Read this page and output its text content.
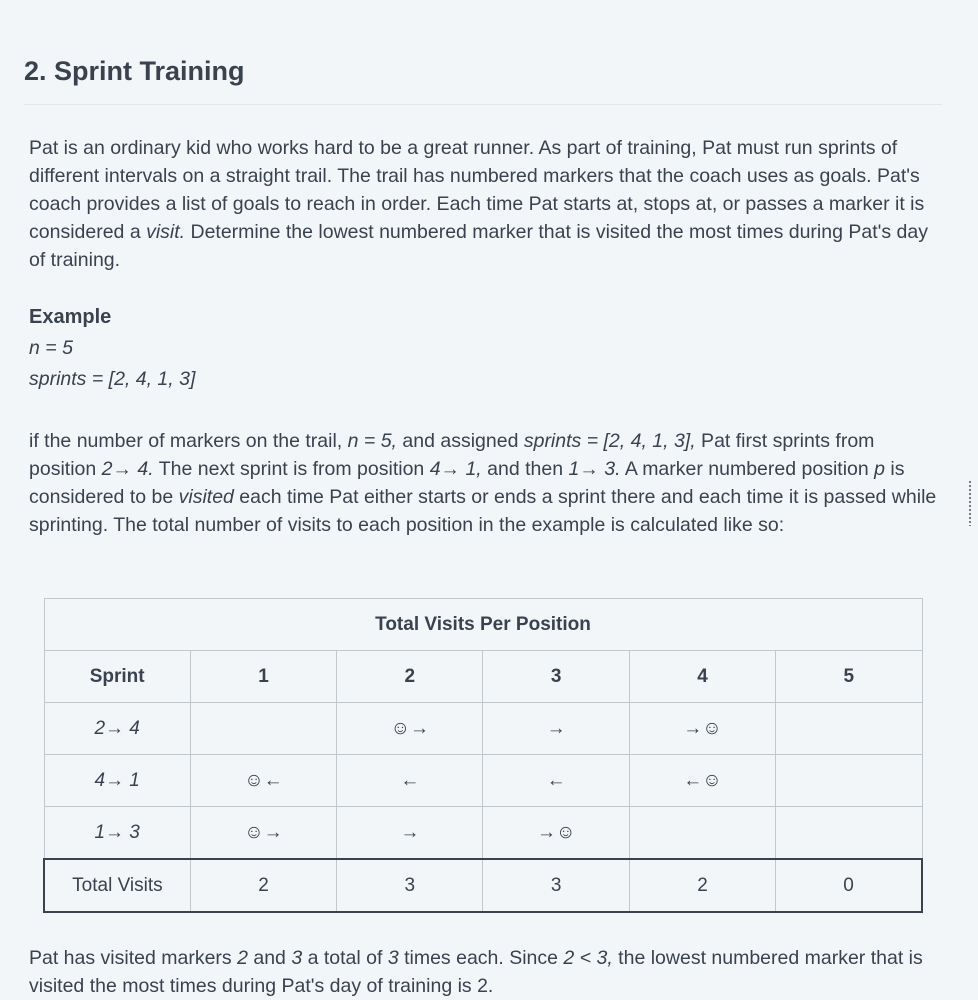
2. Sprint Training

Pat is an ordinary kid who works hard to be a great runner. As part of training, Pat must run sprints of different intervals on a straight trail. The trail has numbered markers that the coach uses as goals. Pat's coach provides a list of goals to reach in order. Each time Pat starts at, stops at, or passes a marker it is considered a visit. Determine the lowest numbered marker that is visited the most times during Pat's day of training.

Example

n = 5

sprints = [2, 4, 1, 3]

if the number of markers on the trail, n = 5, and assigned sprints = [2, 4, 1, 3], Pat first sprints from position 2→ 4. The next sprint is from position 4→ 1, and then 1→ 3. A marker numbered position p is considered to be visited each time Pat either starts or ends a sprint there and each time it is passed while sprinting. The total number of visits to each position in the example is calculated like so:

Total Visits Per Position					
Sprint	1	2	3	4	5
2→ 4		☺→	→	→☺	
4→ 1	☺←	←	←	←☺	
1→ 3	☺→	→	→☺		
Total Visits	2	3	3	2	0

Pat has visited markers 2 and 3 a total of 3 times each. Since 2 < 3, the lowest numbered marker that is visited the most times during Pat's day of training is 2.
